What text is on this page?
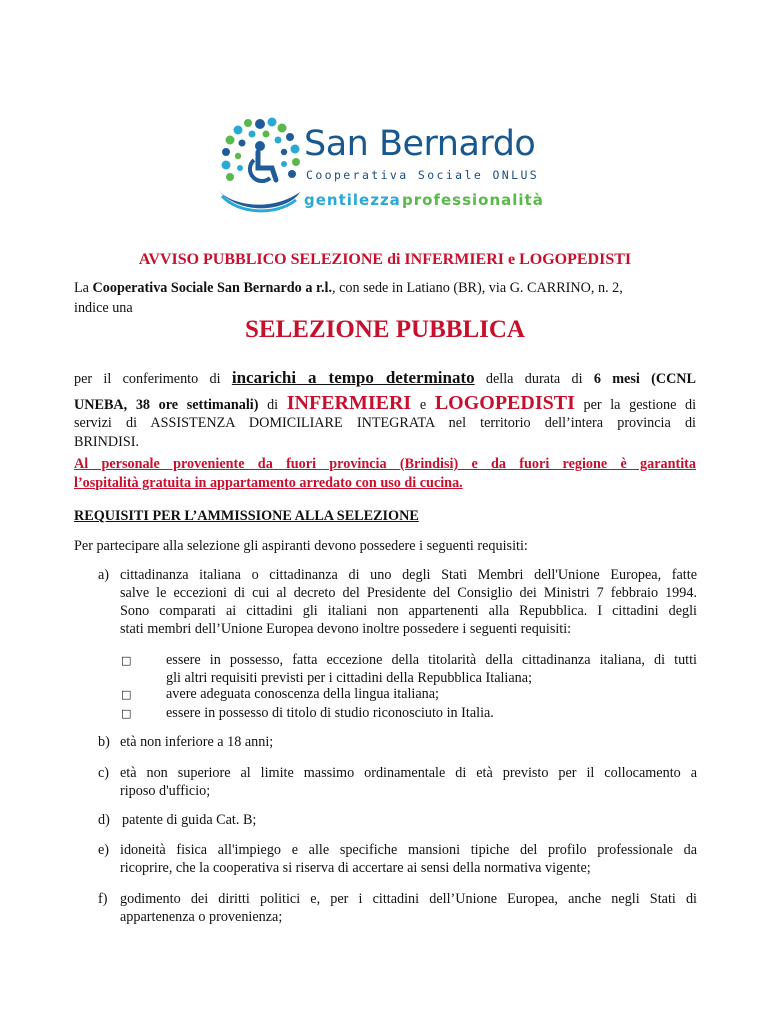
San Bernardo
Cooperativa Sociale ONLUS
gentilezza professionalità
AVVISO PUBBLICO SELEZIONE di INFERMIERI e LOGOPEDISTI
La Cooperativa Sociale San Bernardo a r.l., con sede in Latiano (BR), via G. CARRINO, n. 2,
indice una
SELEZIONE PUBBLICA
per il conferimento di incarichi a tempo determinato della durata di 6 mesi (CCNL
UNEBA, 38 ore settimanali) di INFERMIERI e LOGOPEDISTI per la gestione di
servizi di ASSISTENZA DOMICILIARE INTEGRATA nel territorio dell’intera provincia di
BRINDISI.
Al personale proveniente da fuori provincia (Brindisi) e da fuori regione è garantita
l’ospitalità gratuita in appartamento arredato con uso di cucina.
REQUISITI PER L’AMMISSIONE ALLA SELEZIONE
Per partecipare alla selezione gli aspiranti devono possedere i seguenti requisiti:
a) cittadinanza italiana o cittadinanza di uno degli Stati Membri dell'Unione Europea, fatte
salve le eccezioni di cui al decreto del Presidente del Consiglio dei Ministri 7 febbraio 1994.
Sono comparati ai cittadini gli italiani non appartenenti alla Repubblica. I cittadini degli
stati membri dell’Unione Europea devono inoltre possedere i seguenti requisiti:
□ essere in possesso, fatta eccezione della titolarità della cittadinanza italiana, di tutti
gli altri requisiti previsti per i cittadini della Repubblica Italiana;
□ avere adeguata conoscenza della lingua italiana;
□ essere in possesso di titolo di studio riconosciuto in Italia.
b) età non inferiore a 18 anni;
c) età non superiore al limite massimo ordinamentale di età previsto per il collocamento a
riposo d'ufficio;
d) patente di guida Cat. B;
e) idoneità fisica all'impiego e alle specifiche mansioni tipiche del profilo professionale da
ricoprire, che la cooperativa si riserva di accertare ai sensi della normativa vigente;
f) godimento dei diritti politici e, per i cittadini dell’Unione Europea, anche negli Stati di
appartenenza o provenienza;
